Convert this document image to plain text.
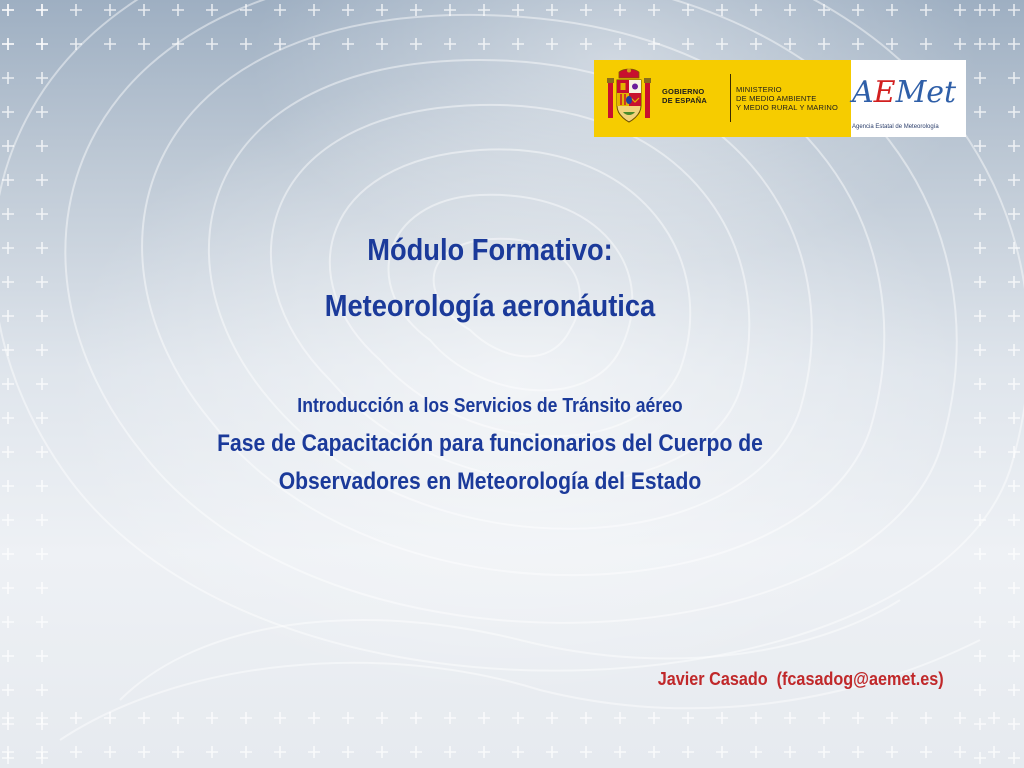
GOBIERNO
DE ESPAÑA
MINISTERIO
DE MEDIO AMBIENTE
Y MEDIO RURAL Y MARINO AEMet
Agencia Estatal de Meteorología
Módulo Formativo:
Meteorología aeronáutica
Introducción a los Servicios de Tránsito aéreo
Fase de Capacitación para funcionarios del Cuerpo de
Observadores en Meteorología del Estado
Javier Casado  (fcasadog@aemet.es)
